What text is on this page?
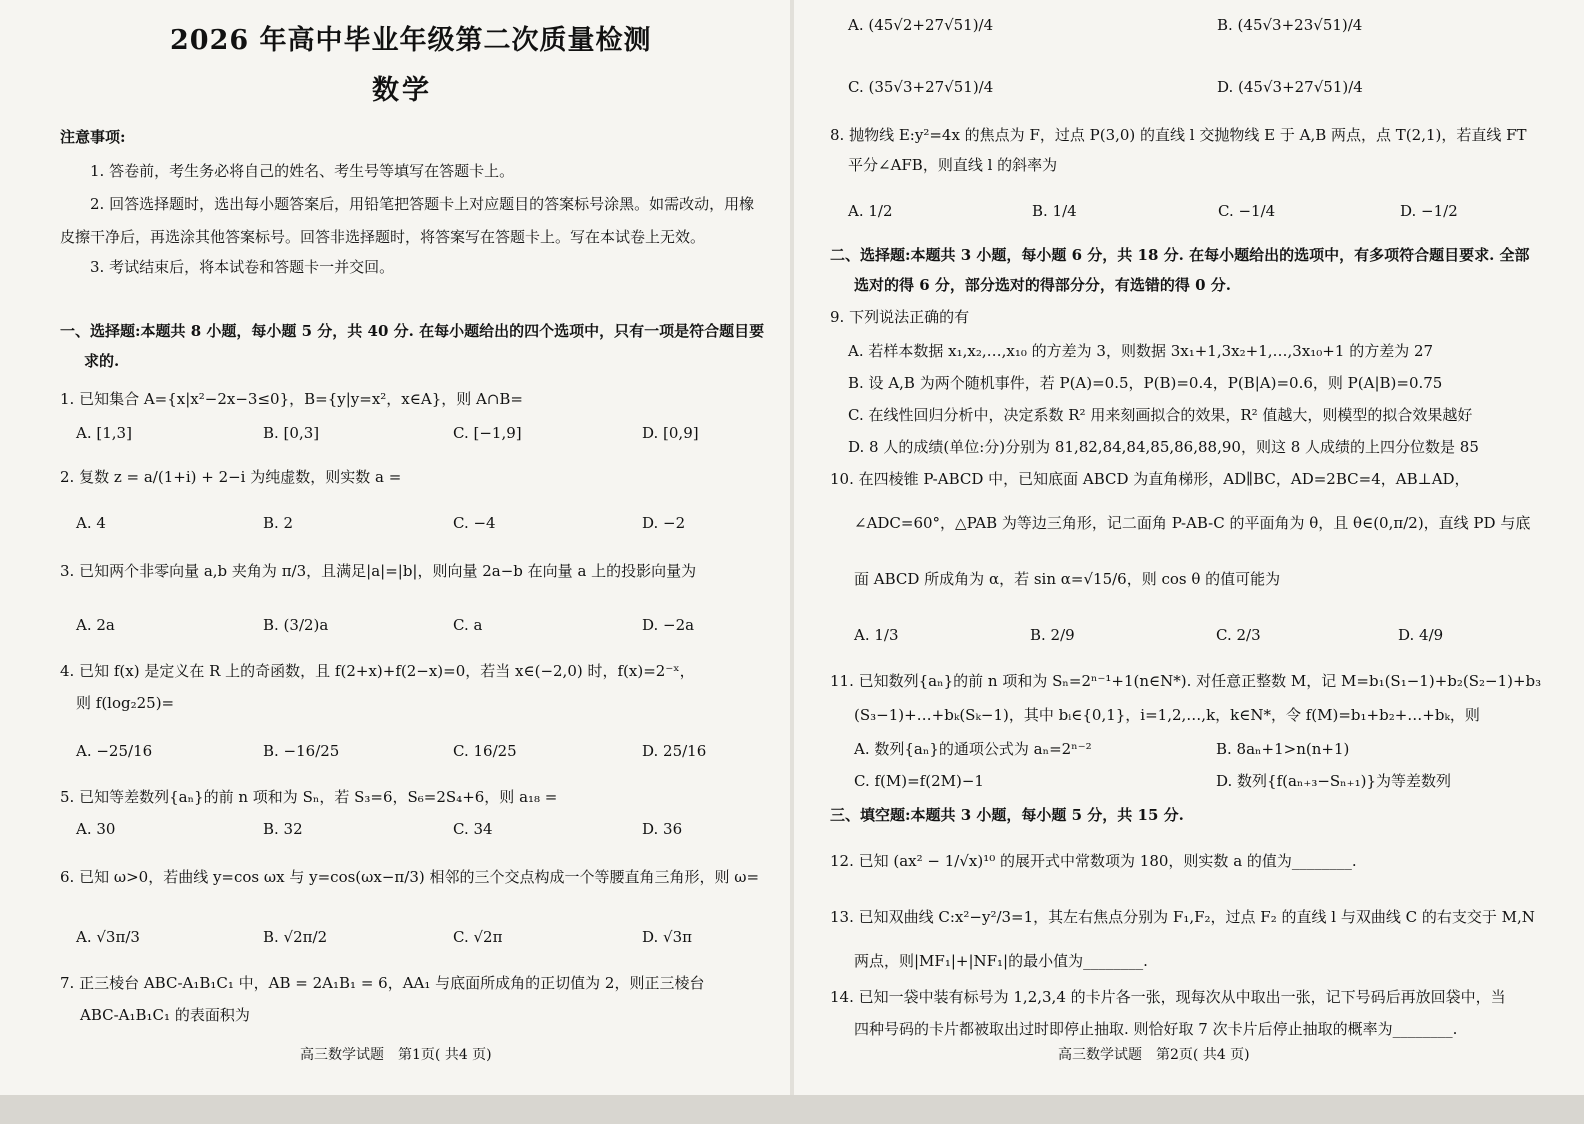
2026 年高中毕业年级第二次质量检测
数学
注意事项:
1. 答卷前，考生务必将自己的姓名、考生号等填写在答题卡上。
2. 回答选择题时，选出每小题答案后，用铅笔把答题卡上对应题目的答案标号涂黑。如需改动，用橡
皮擦干净后，再选涂其他答案标号。回答非选择题时，将答案写在答题卡上。写在本试卷上无效。
3. 考试结束后，将本试卷和答题卡一并交回。
一、选择题:本题共 8 小题，每小题 5 分，共 40 分. 在每小题给出的四个选项中，只有一项是符合题目要
求的.
1. 已知集合 A={x|x²−2x−3≤0}，B={y|y=x²，x∈A}，则 A∩B=
A. [1,3]	B. [0,3]	C. [−1,9]	D. [0,9]
2. 复数 z = a/(1+i) + 2−i 为纯虚数，则实数 a =
A. 4	B. 2	C. −4	D. −2
3. 已知两个非零向量 a,b 夹角为 π/3，且满足|a|=|b|，则向量 2a−b 在向量 a 上的投影向量为
A. 2a	B. (3/2)a	C. a	D. −2a
4. 已知 f(x) 是定义在 R 上的奇函数，且 f(2+x)+f(2−x)=0，若当 x∈(−2,0) 时，f(x)=2⁻ˣ，
则 f(log₂25)=
A. −25/16	B. −16/25	C. 16/25	D. 25/16
5. 已知等差数列{aₙ}的前 n 项和为 Sₙ，若 S₃=6，S₆=2S₄+6，则 a₁₈ =
A. 30	B. 32	C. 34	D. 36
6. 已知 ω>0，若曲线 y=cos ωx 与 y=cos(ωx−π/3) 相邻的三个交点构成一个等腰直角三角形，则 ω=
A. √3π/3	B. √2π/2	C. √2π	D. √3π
7. 正三棱台 ABC-A₁B₁C₁ 中，AB = 2A₁B₁ = 6，AA₁ 与底面所成角的正切值为 2，则正三棱台
ABC-A₁B₁C₁ 的表面积为
高三数学试题　第1页( 共4 页)
A. (45√2+27√51)/4	B. (45√3+23√51)/4
C. (35√3+27√51)/4	D. (45√3+27√51)/4
8. 抛物线 E:y²=4x 的焦点为 F，过点 P(3,0) 的直线 l 交抛物线 E 于 A,B 两点，点 T(2,1)，若直线 FT
平分∠AFB，则直线 l 的斜率为
A. 1/2	B. 1/4	C. −1/4	D. −1/2
二、选择题:本题共 3 小题，每小题 6 分，共 18 分. 在每小题给出的选项中，有多项符合题目要求. 全部
选对的得 6 分，部分选对的得部分分，有选错的得 0 分.
9. 下列说法正确的有
A. 若样本数据 x₁,x₂,…,x₁₀ 的方差为 3，则数据 3x₁+1,3x₂+1,…,3x₁₀+1 的方差为 27
B. 设 A,B 为两个随机事件，若 P(A)=0.5，P(B)=0.4，P(B|A)=0.6，则 P(A|B)=0.75
C. 在线性回归分析中，决定系数 R² 用来刻画拟合的效果，R² 值越大，则模型的拟合效果越好
D. 8 人的成绩(单位:分)分别为 81,82,84,84,85,86,88,90，则这 8 人成绩的上四分位数是 85
10. 在四棱锥 P-ABCD 中，已知底面 ABCD 为直角梯形，AD∥BC，AD=2BC=4，AB⊥AD，
∠ADC=60°，△PAB 为等边三角形，记二面角 P-AB-C 的平面角为 θ，且 θ∈(0,π/2)，直线 PD 与底
面 ABCD 所成角为 α，若 sin α=√15/6，则 cos θ 的值可能为
A. 1/3	B. 2/9	C. 2/3	D. 4/9
11. 已知数列{aₙ}的前 n 项和为 Sₙ=2ⁿ⁻¹+1(n∈N*). 对任意正整数 M，记 M=b₁(S₁−1)+b₂(S₂−1)+b₃
(S₃−1)+…+bₖ(Sₖ−1)，其中 bᵢ∈{0,1}，i=1,2,…,k，k∈N*，令 f(M)=b₁+b₂+…+bₖ，则
A. 数列{aₙ}的通项公式为 aₙ=2ⁿ⁻²	B. 8aₙ+1>n(n+1)
C. f(M)=f(2M)−1	D. 数列{f(aₙ₊₃−Sₙ₊₁)}为等差数列
三、填空题:本题共 3 小题，每小题 5 分，共 15 分.
12. 已知 (ax² − 1/√x)¹⁰ 的展开式中常数项为 180，则实数 a 的值为________.
13. 已知双曲线 C:x²−y²/3=1，其左右焦点分别为 F₁,F₂，过点 F₂ 的直线 l 与双曲线 C 的右支交于 M,N
两点，则|MF₁|+|NF₁|的最小值为________.
14. 已知一袋中装有标号为 1,2,3,4 的卡片各一张，现每次从中取出一张，记下号码后再放回袋中，当
四种号码的卡片都被取出过时即停止抽取. 则恰好取 7 次卡片后停止抽取的概率为________.
高三数学试题　第2页( 共4 页)
